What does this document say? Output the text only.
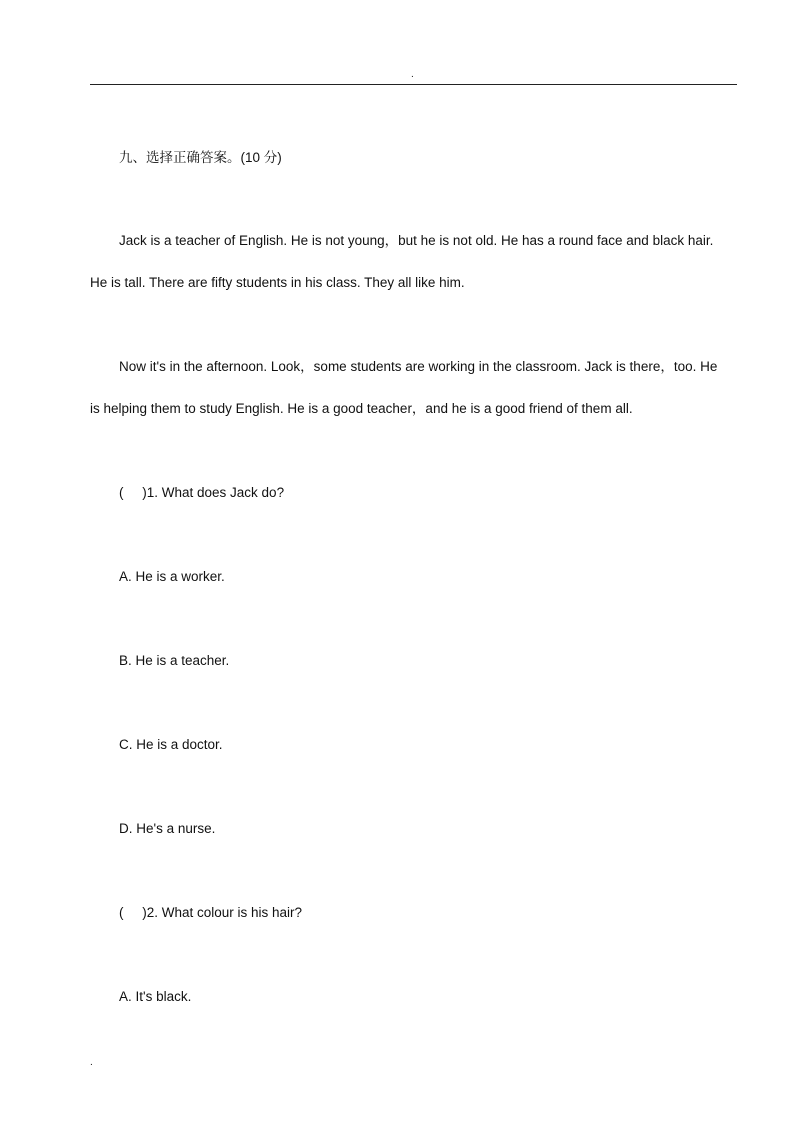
.
九、选择正确答案。(10 分)
Jack is a teacher of English. He is not young，but he is not old. He has a round face and black hair.
He is tall. There are fifty students in his class. They all like him.
Now it's in the afternoon. Look，some students are working in the classroom. Jack is there，too. He
is helping them to study English. He is a good teacher，and he is a good friend of them all.
(     )1. What does Jack do?
A. He is a worker.
B. He is a teacher.
C. He is a doctor.
D. He's a nurse.
(     )2. What colour is his hair?
A. It's black.
.
